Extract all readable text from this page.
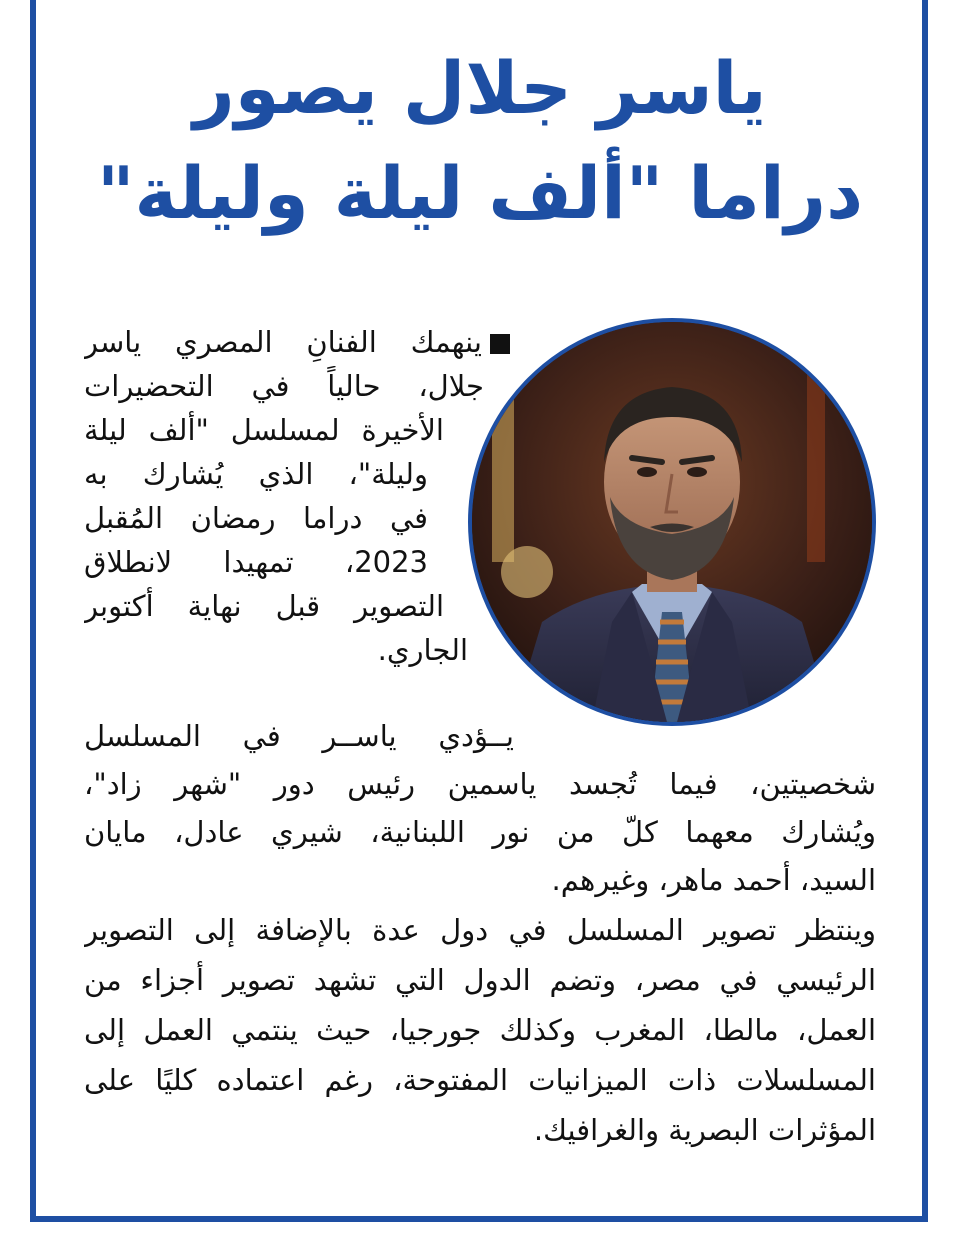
ياسر جلال يصور
دراما "ألف ليلة وليلة"
ينهمك الفنانٍ المصري ياسر
جلال، حالياً في التحضيرات
الأخيرة لمسلسل "ألف ليلة
وليلة"، الذي يُشارك به
في دراما رمضان المُقبل
2023، تمهيدا لانطلاق
التصوير قبل نهاية أكتوبر
الجاري.
يــؤدي ياســر في المسلسل
شخصيتين، فيما تُجسد ياسمين رئيس دور "شهر زاد"،
ويُشارك معهما كلّ من نور اللبنانية، شيري عادل، مايان
السيد، أحمد ماهر، وغيرهم.
وينتظر تصوير المسلسل في دول عدة بالإضافة إلى التصوير
الرئيسي في مصر، وتضم الدول التي تشهد تصوير أجزاء من
العمل، مالطا، المغرب وكذلك جورجيا، حيث ينتمي العمل إلى
المسلسلات ذات الميزانيات المفتوحة، رغم اعتماده كليًا على
المؤثرات البصرية والغرافيك.
